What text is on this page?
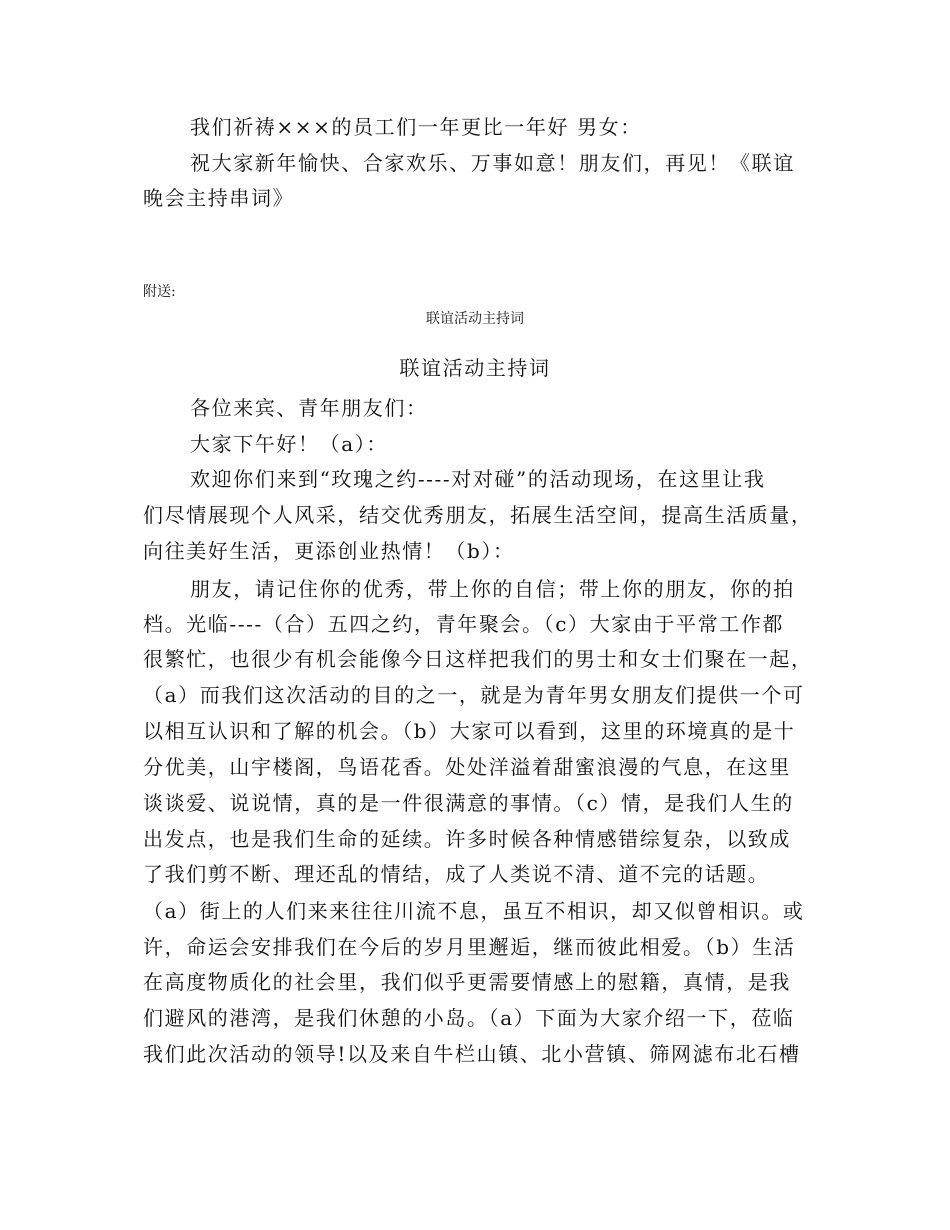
我们祈祷×××的员工们一年更比一年好 男女：
祝大家新年愉快、合家欢乐、万事如意！朋友们，再见！《联谊
晚会主持串词》
附送:
联谊活动主持词
联谊活动主持词
各位来宾、青年朋友们：
大家下午好！（a）：
欢迎你们来到“玫瑰之约----对对碰”的活动现场，在这里让我
们尽情展现个人风采，结交优秀朋友，拓展生活空间，提高生活质量，
向往美好生活，更添创业热情！（b）：
朋友，请记住你的优秀，带上你的自信；带上你的朋友，你的拍
档。光临----（合）五四之约，青年聚会。（c）大家由于平常工作都
很繁忙，也很少有机会能像今日这样把我们的男士和女士们聚在一起，
（a）而我们这次活动的目的之一，就是为青年男女朋友们提供一个可
以相互认识和了解的机会。（b）大家可以看到，这里的环境真的是十
分优美，山宇楼阁，鸟语花香。处处洋溢着甜蜜浪漫的气息，在这里
谈谈爱、说说情，真的是一件很满意的事情。（c）情，是我们人生的
出发点，也是我们生命的延续。许多时候各种情感错综复杂，以致成
了我们剪不断、理还乱的情结，成了人类说不清、道不完的话题。
（a）街上的人们来来往往川流不息，虽互不相识，却又似曾相识。或
许，命运会安排我们在今后的岁月里邂逅，继而彼此相爱。（b）生活
在高度物质化的社会里，我们似乎更需要情感上的慰籍，真情，是我
们避风的港湾，是我们休憩的小岛。（a）下面为大家介绍一下，莅临
我们此次活动的领导!以及来自牛栏山镇、北小营镇、筛网滤布北石槽
